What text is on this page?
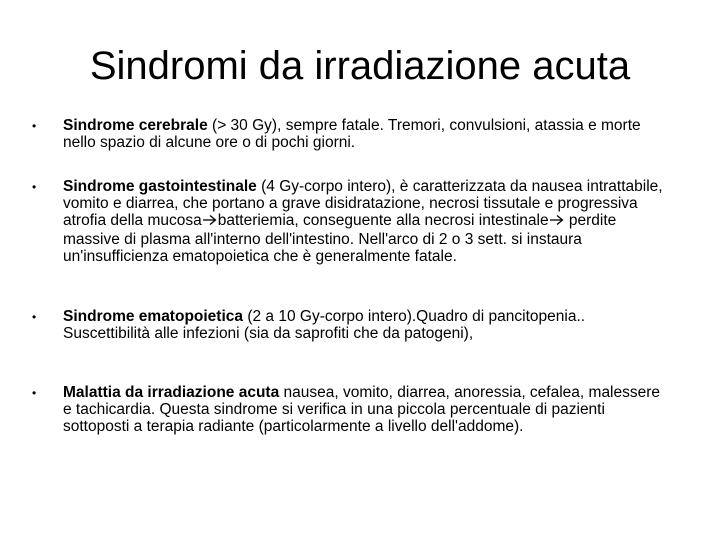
Sindromi da irradiazione acuta
• Sindrome cerebrale (> 30 Gy), sempre fatale. Tremori, convulsioni, atassia e morte nello spazio di alcune ore o di pochi giorni.
• Sindrome gastointestinale (4 Gy-corpo intero), è caratterizzata da nausea intrattabile, vomito e diarrea, che portano a grave disidratazione, necrosi tissutale e progressiva atrofia della mucosa batteriemia, conseguente alla necrosi intestinale perdite massive di plasma all'interno dell'intestino. Nell'arco di 2 o 3 sett. si instaura un'insufficienza ematopoietica che è generalmente fatale.
• Sindrome ematopoietica (2 a 10 Gy-corpo intero).Quadro di pancitopenia.. Suscettibilità alle infezioni (sia da saprofiti che da patogeni),
• Malattia da irradiazione acuta nausea, vomito, diarrea, anoressia, cefalea, malessere e tachicardia. Questa sindrome si verifica in una piccola percentuale di pazienti sottoposti a terapia radiante (particolarmente a livello dell'addome).
